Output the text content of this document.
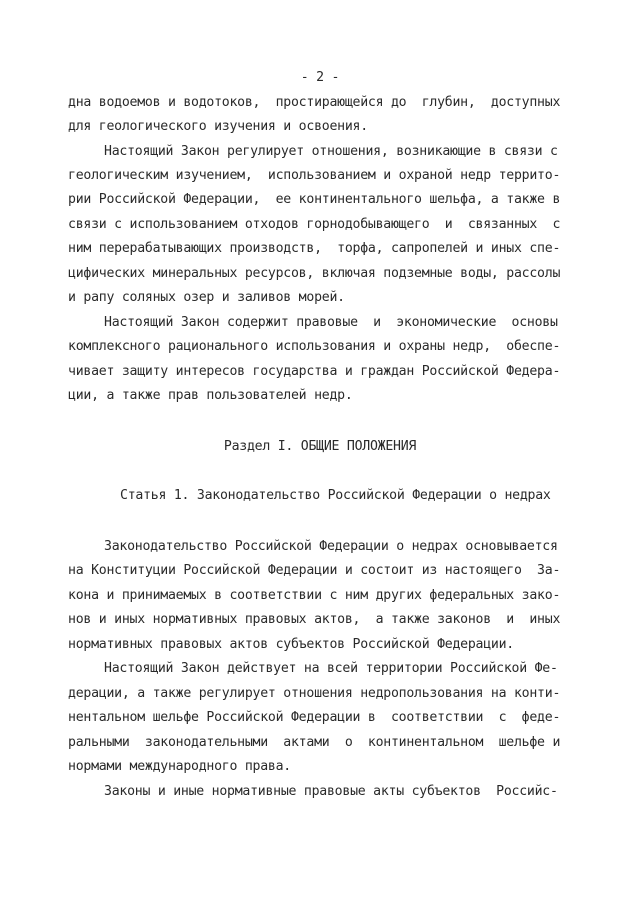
- 2 -
дна водоемов и водотоков,  простирающейся до  глубин,  доступных
для геологического изучения и освоения.
Настоящий Закон регулирует отношения, возникающие в связи с
геологическим изучением,  использованием и охраной недр террито-
рии Российской Федерации,  ее континентального шельфа, а также в
связи с использованием отходов горнодобывающего  и  связанных  с
ним перерабатывающих производств,  торфа, сапропелей и иных спе-
цифических минеральных ресурсов, включая подземные воды, рассолы
и рапу соляных озер и заливов морей.
Настоящий Закон содержит правовые  и  экономические  основы
комплексного рационального использования и охраны недр,  обеспе-
чивает защиту интересов государства и граждан Российской Федера-
ции, а также прав пользователей недр.
Раздел I. ОБЩИЕ ПОЛОЖЕНИЯ
Статья 1. Законодательство Российской Федерации о недрах
Законодательство Российской Федерации о недрах основывается
на Конституции Российской Федерации и состоит из настоящего  За-
кона и принимаемых в соответствии с ним других федеральных зако-
нов и иных нормативных правовых актов,  а также законов  и  иных
нормативных правовых актов субъектов Российской Федерации.
Настоящий Закон действует на всей территории Российской Фе-
дерации, а также регулирует отношения недропользования на конти-
нентальном шельфе Российской Федерации в  соответствии  с  феде-
ральными  законодательными  актами  о  континентальном  шельфе и
нормами международного права.
Законы и иные нормативные правовые акты субъектов  Российс-
